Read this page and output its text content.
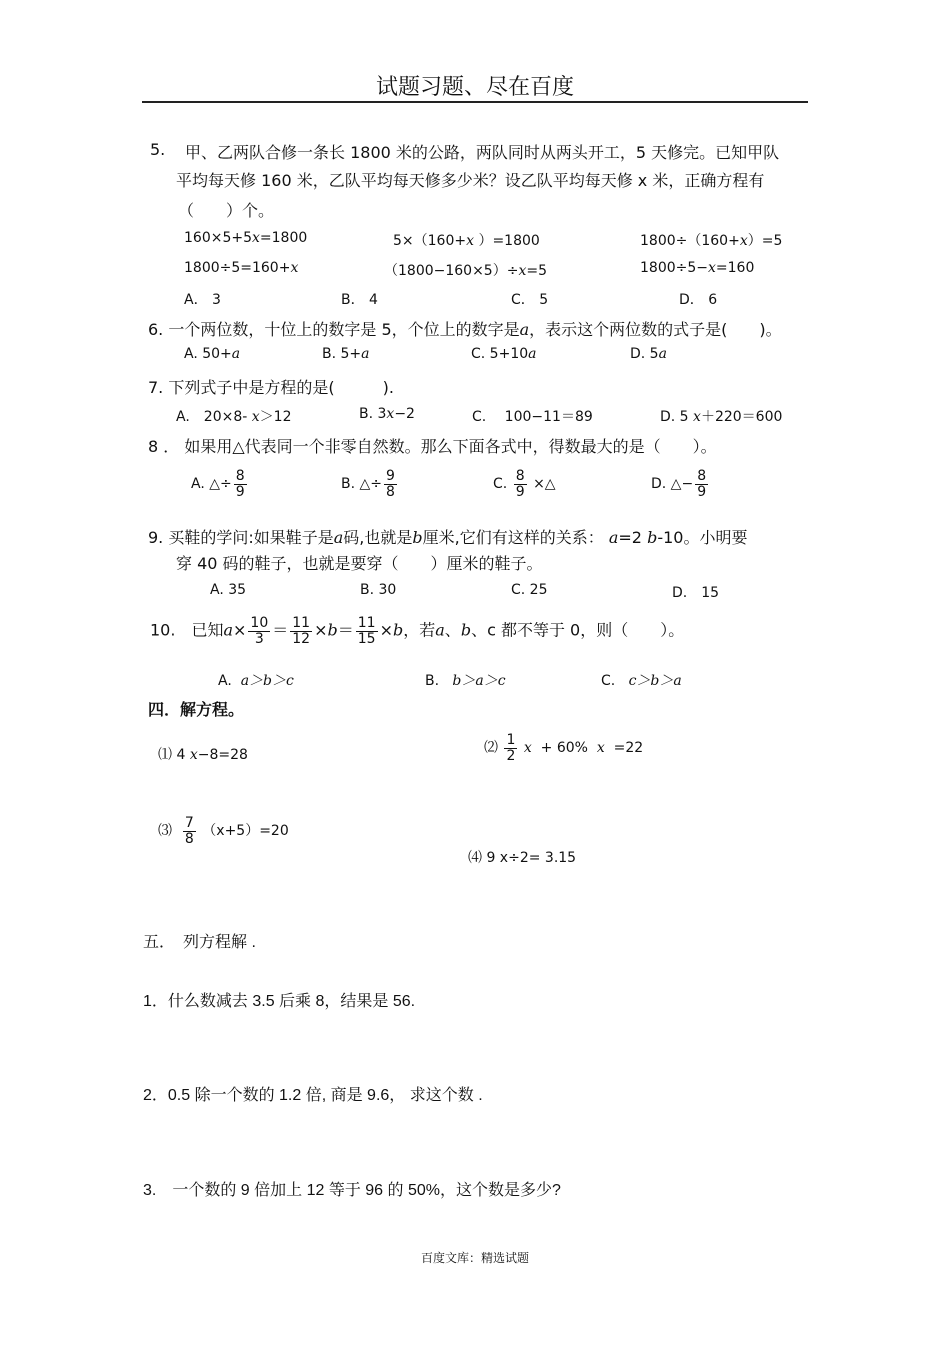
试题习题、尽在百度
5. 甲、乙两队合修一条长 1800 米的公路，两队同时从两头开工，5 天修完。已知甲队
平均每天修 160 米，乙队平均每天修多少米？设乙队平均每天修 x 米，正确方程有
（　　）个。
160×5+5x=1800	5×（160+x ）=1800	1800÷（160+x）=5
1800÷5=160+x	（1800−160×5）÷x=5	1800÷5−x=160
A． 3	B． 4	C． 5	D． 6
6. 一个两位数，十位上的数字是 5，个位上的数字是a，表示这个两位数的式子是(　　)。
A. 50+a	B. 5+a	C. 5+10a	D. 5a
7. 下列式子中是方程的是(　　　).
A.　20×8- x＞12	B. 3x−2	C.　 100−11＝89	D. 5 x＋220＝600
8 ． 如果用△代表同一个非零自然数。那么下面各式中，得数最大的是（　　）。
A. △÷ $\frac{8}{9}$	B. △÷ $\frac{9}{8}$	C. $\frac{8}{9}$ ×△	D. △− $\frac{8}{9}$
9. 买鞋的学问:如果鞋子是a码,也就是b厘米,它们有这样的关系： a=2 b-10。小明要
穿 40 码的鞋子，也就是要穿（　　）厘米的鞋子。
A. 35	B. 30	C. 25	D.　15
10.　已知$a\times \frac{10}{3} = \frac{11}{12} \times b= \frac{11}{15} \times b$，若a、b、c 都不等于 0，则（　　）。
A. a＞b＞c	B. b＞a＞c	C. c＞b＞a
四．解方程。
⑴ 4 x−8=28	⑵ $\frac{1}{2}$ x + 60% x =22
⑶ $\frac{7}{8} (x+5)=20$
⑷ 9 x÷2= 3.15
五．　列方程解 .
1．什么数减去 3.5 后乘 8，结果是 56.
2．0.5 除一个数的 1.2 倍, 商是 9.6， 求这个数 .
3.　一个数的 9 倍加上 12 等于 96 的 50%，这个数是多少?
百度文库：精选试题
